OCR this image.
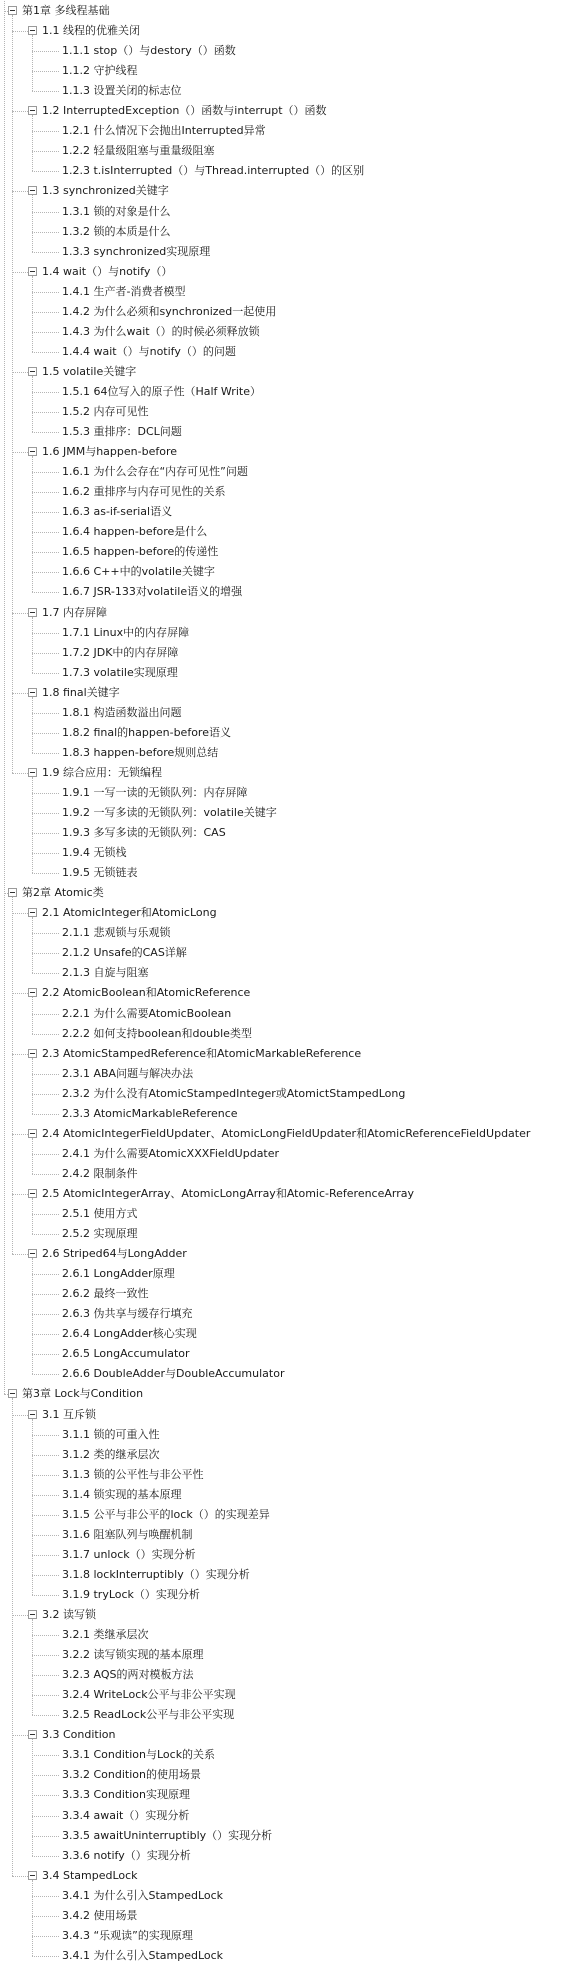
第1章 多线程基础
1.1 线程的优雅关闭
1.1.1 stop（）与destory（）函数
1.1.2 守护线程
1.1.3 设置关闭的标志位
1.2 InterruptedException（）函数与interrupt（）函数
1.2.1 什么情况下会抛出Interrupted异常
1.2.2 轻量级阻塞与重量级阻塞
1.2.3 t.isInterrupted（）与Thread.interrupted（）的区别
1.3 synchronized关键字
1.3.1 锁的对象是什么
1.3.2 锁的本质是什么
1.3.3 synchronized实现原理
1.4 wait（）与notify（）
1.4.1 生产者-消费者模型
1.4.2 为什么必须和synchronized一起使用
1.4.3 为什么wait（）的时候必须释放锁
1.4.4 wait（）与notify（）的问题
1.5 volatile关键字
1.5.1 64位写入的原子性（Half Write）
1.5.2 内存可见性
1.5.3 重排序：DCL问题
1.6 JMM与happen-before
1.6.1 为什么会存在“内存可见性”问题
1.6.2 重排序与内存可见性的关系
1.6.3 as-if-serial语义
1.6.4 happen-before是什么
1.6.5 happen-before的传递性
1.6.6 C++中的volatile关键字
1.6.7 JSR-133对volatile语义的增强
1.7 内存屏障
1.7.1 Linux中的内存屏障
1.7.2 JDK中的内存屏障
1.7.3 volatile实现原理
1.8 final关键字
1.8.1 构造函数溢出问题
1.8.2 final的happen-before语义
1.8.3 happen-before规则总结
1.9 综合应用：无锁编程
1.9.1 一写一读的无锁队列：内存屏障
1.9.2 一写多读的无锁队列：volatile关键字
1.9.3 多写多读的无锁队列：CAS
1.9.4 无锁栈
1.9.5 无锁链表
第2章 Atomic类
2.1 AtomicInteger和AtomicLong
2.1.1 悲观锁与乐观锁
2.1.2 Unsafe的CAS详解
2.1.3 自旋与阻塞
2.2 AtomicBoolean和AtomicReference
2.2.1 为什么需要AtomicBoolean
2.2.2 如何支持boolean和double类型
2.3 AtomicStampedReference和AtomicMarkableReference
2.3.1 ABA问题与解决办法
2.3.2 为什么没有AtomicStampedInteger或AtomictStampedLong
2.3.3 AtomicMarkableReference
2.4 AtomicIntegerFieldUpdater、AtomicLongFieldUpdater和AtomicReferenceFieldUpdater
2.4.1 为什么需要AtomicXXXFieldUpdater
2.4.2 限制条件
2.5 AtomicIntegerArray、AtomicLongArray和Atomic-ReferenceArray
2.5.1 使用方式
2.5.2 实现原理
2.6 Striped64与LongAdder
2.6.1 LongAdder原理
2.6.2 最终一致性
2.6.3 伪共享与缓存行填充
2.6.4 LongAdder核心实现
2.6.5 LongAccumulator
2.6.6 DoubleAdder与DoubleAccumulator
第3章 Lock与Condition
3.1 互斥锁
3.1.1 锁的可重入性
3.1.2 类的继承层次
3.1.3 锁的公平性与非公平性
3.1.4 锁实现的基本原理
3.1.5 公平与非公平的lock（）的实现差异
3.1.6 阻塞队列与唤醒机制
3.1.7 unlock（）实现分析
3.1.8 lockInterruptibly（）实现分析
3.1.9 tryLock（）实现分析
3.2 读写锁
3.2.1 类继承层次
3.2.2 读写锁实现的基本原理
3.2.3 AQS的两对模板方法
3.2.4 WriteLock公平与非公平实现
3.2.5 ReadLock公平与非公平实现
3.3 Condition
3.3.1 Condition与Lock的关系
3.3.2 Condition的使用场景
3.3.3 Condition实现原理
3.3.4 await（）实现分析
3.3.5 awaitUninterruptibly（）实现分析
3.3.6 notify（）实现分析
3.4 StampedLock
3.4.1 为什么引入StampedLock
3.4.2 使用场景
3.4.3 “乐观读”的实现原理
3.4.1 为什么引入StampedLock
